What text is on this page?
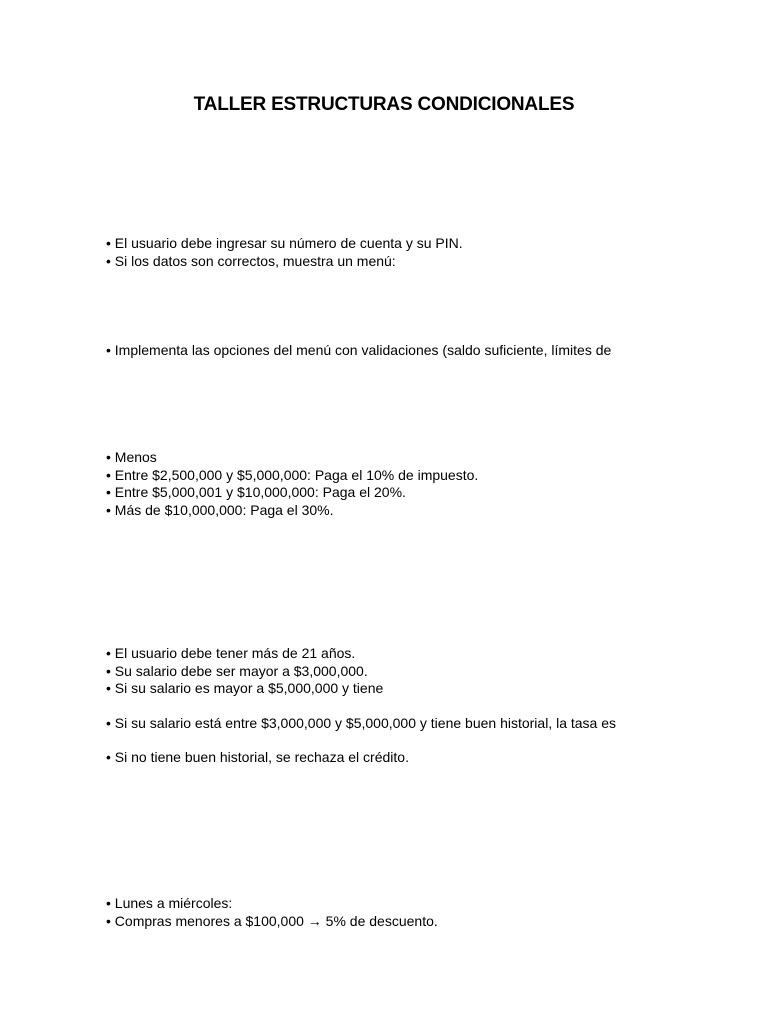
TALLER ESTRUCTURAS CONDICIONALES
• El usuario debe ingresar su número de cuenta y su PIN.
• Si los datos son correctos, muestra un menú:
• Implementa las opciones del menú con validaciones (saldo suficiente, límites de
• Menos
• Entre $2,500,000 y $5,000,000: Paga el 10% de impuesto.
• Entre $5,000,001 y $10,000,000: Paga el 20%.
• Más de $10,000,000: Paga el 30%.
• El usuario debe tener más de 21 años.
• Su salario debe ser mayor a $3,000,000.
• Si su salario es mayor a $5,000,000 y tiene
• Si su salario está entre $3,000,000 y $5,000,000 y tiene buen historial, la tasa es
• Si no tiene buen historial, se rechaza el crédito.
• Lunes a miércoles:
• Compras menores a $100,000 → 5% de descuento.
